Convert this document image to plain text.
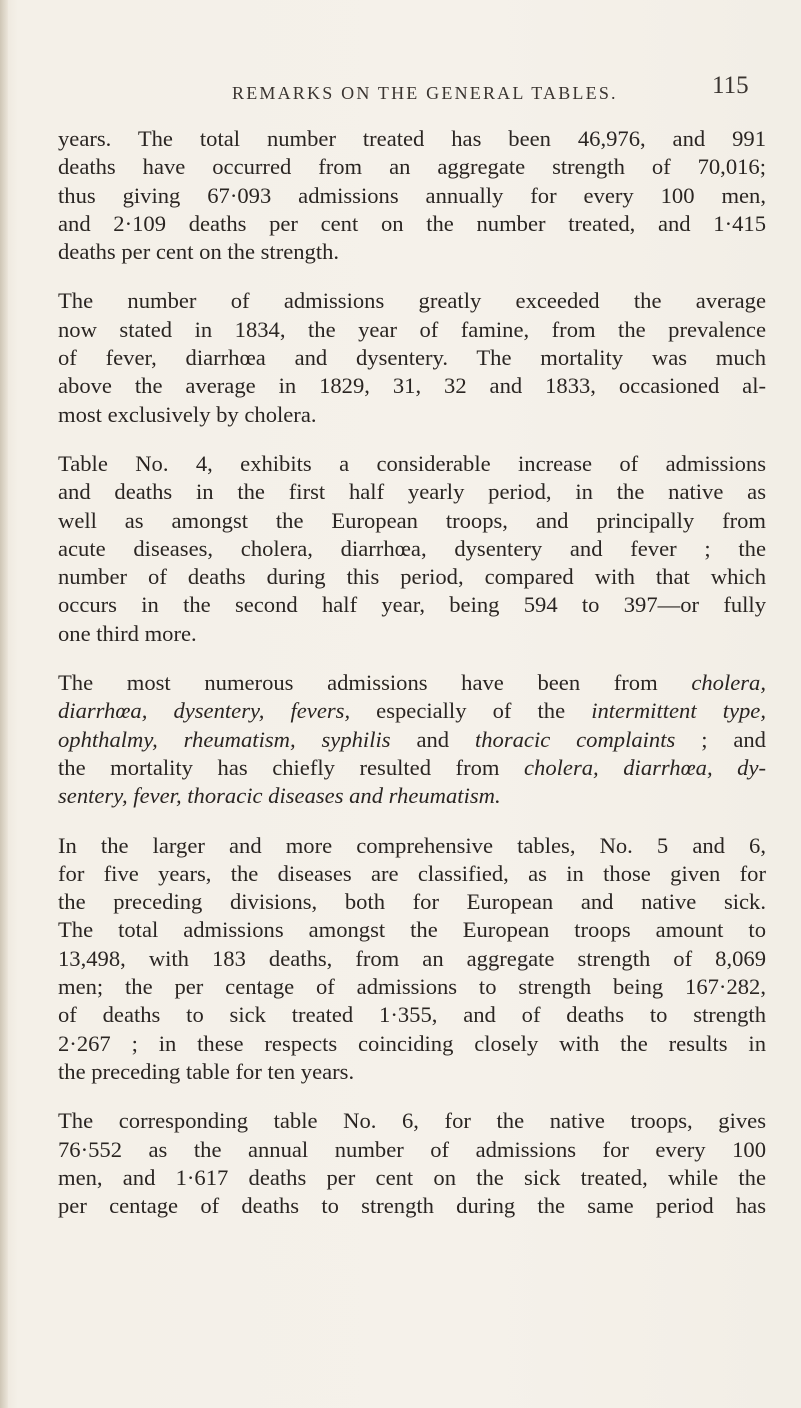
REMARKS ON THE GENERAL TABLES.	115
years. The total number treated has been 46,976, and 991
deaths have occurred from an aggregate strength of 70,016;
thus giving 67·093 admissions annually for every 100 men,
and 2·109 deaths per cent on the number treated, and 1·415
deaths per cent on the strength.
The number of admissions greatly exceeded the average
now stated in 1834, the year of famine, from the prevalence
of fever, diarrhœa and dysentery. The mortality was much
above the average in 1829, 31, 32 and 1833, occasioned al-
most exclusively by cholera.
Table No. 4, exhibits a considerable increase of admissions
and deaths in the first half yearly period, in the native as
well as amongst the European troops, and principally from
acute diseases, cholera, diarrhœa, dysentery and fever ; the
number of deaths during this period, compared with that which
occurs in the second half year, being 594 to 397—or fully
one third more.
The most numerous admissions have been from cholera,
diarrhœa, dysentery, fevers, especially of the intermittent type,
ophthalmy, rheumatism, syphilis and thoracic complaints ; and
the mortality has chiefly resulted from cholera, diarrhœa, dy-
sentery, fever, thoracic diseases and rheumatism.
In the larger and more comprehensive tables, No. 5 and 6,
for five years, the diseases are classified, as in those given for
the preceding divisions, both for European and native sick.
The total admissions amongst the European troops amount to
13,498, with 183 deaths, from an aggregate strength of 8,069
men; the per centage of admissions to strength being 167·282,
of deaths to sick treated 1·355, and of deaths to strength
2·267 ; in these respects coinciding closely with the results in
the preceding table for ten years.
The corresponding table No. 6, for the native troops, gives
76·552 as the annual number of admissions for every 100
men, and 1·617 deaths per cent on the sick treated, while the
per centage of deaths to strength during the same period has
